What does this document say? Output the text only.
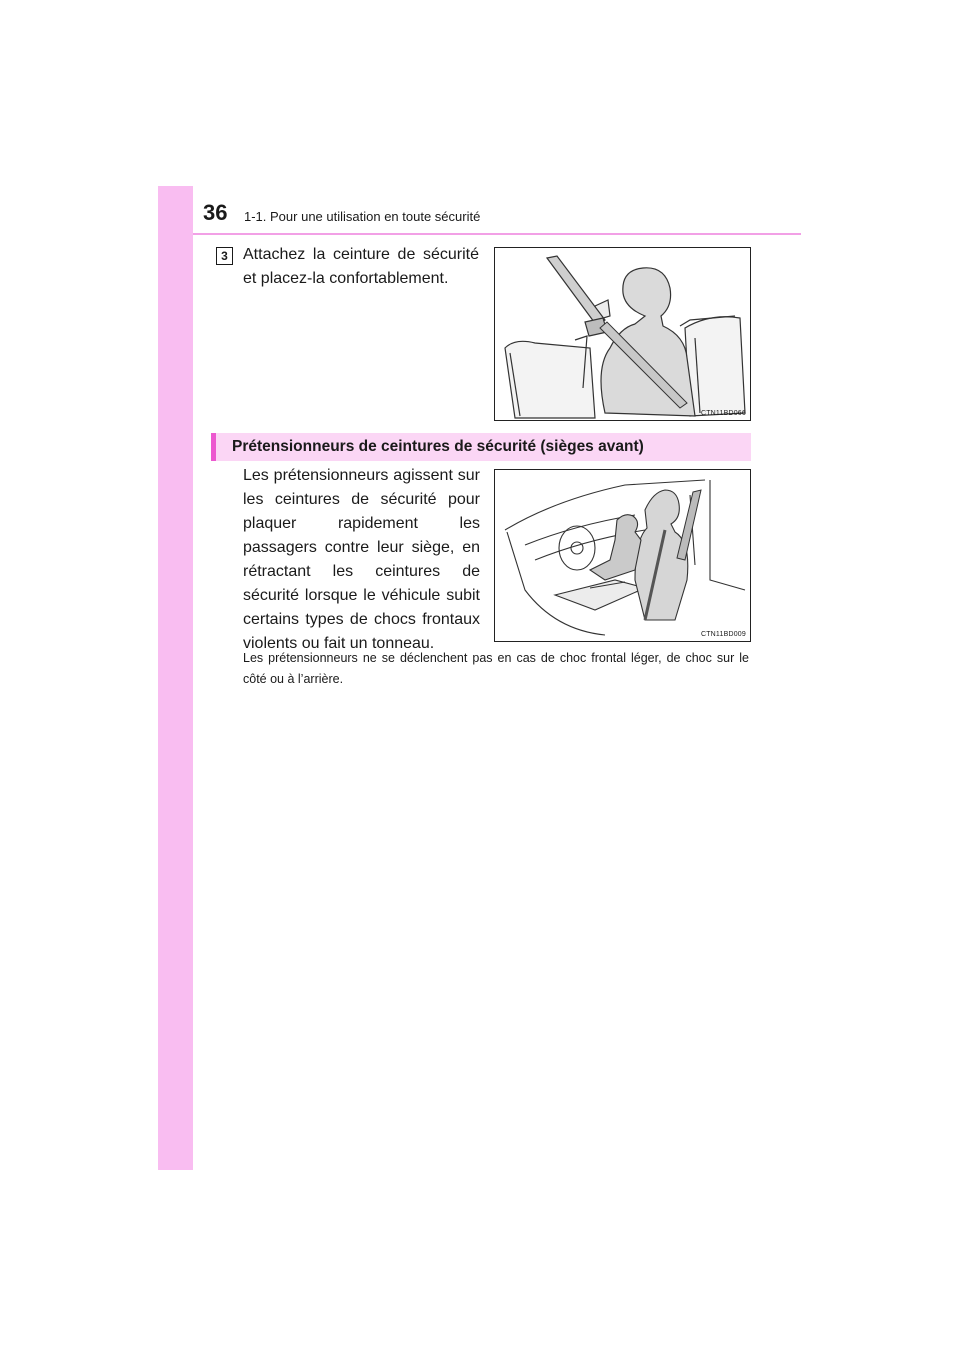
36 1-1. Pour une utilisation en toute sécurité
3 Attachez la ceinture de sécurité et placez-la confortablement.
CTN11BD066
Prétensionneurs de ceintures de sécurité (sièges avant)
Les prétensionneurs agissent sur les ceintures de sécurité pour plaquer rapidement les passagers contre leur siège, en rétractant les ceintures de sécurité lorsque le véhicule subit certains types de chocs frontaux violents ou fait un tonneau.
CTN11BD009
Les prétensionneurs ne se déclenchent pas en cas de choc frontal léger, de choc sur le côté ou à l’arrière.
